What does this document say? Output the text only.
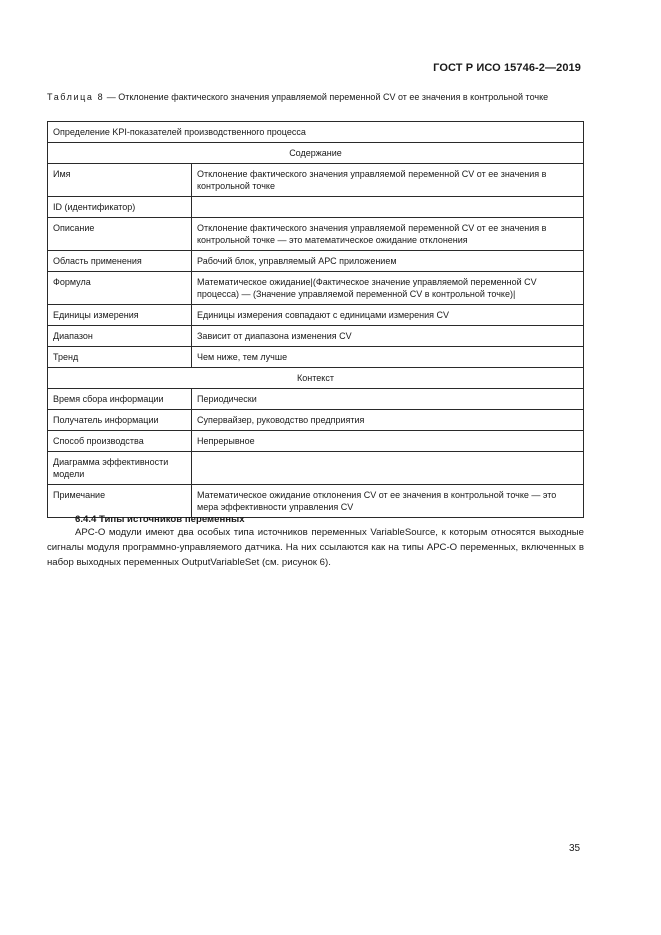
ГОСТ Р ИСО 15746-2—2019
Таблица 8 — Отклонение фактического значения управляемой переменной CV от ее значения в контрольной точке
Определение KPI-показателей производственного процесса	
Содержание	
Имя	Отклонение фактического значения управляемой переменной CV от ее значения в контрольной точке
ID (идентификатор)	
Описание	Отклонение фактического значения управляемой переменной CV от ее значения в контрольной точке — это математическое ожидание отклонения
Область применения	Рабочий блок, управляемый АРС приложением
Формула	Математическое ожидание|(Фактическое значение управляемой переменной CV процесса) — (Значение управляемой переменной CV в контрольной точке)|
Единицы измерения	Единицы измерения совпадают с единицами измерения CV
Диапазон	Зависит от диапазона изменения CV
Тренд	Чем ниже, тем лучше
Контекст	
Время сбора информации	Периодически
Получатель информации	Супервайзер, руководство предприятия
Способ производства	Непрерывное
Диаграмма эффективности модели	
Примечание	Математическое ожидание отклонения CV от ее значения в контрольной точке — это мера эффективности управления CV
6.4.4 Типы источников переменных

АРС-О модули имеют два особых типа источников переменных VariableSource, к которым относятся выходные сигналы модуля программно-управляемого датчика. На них ссылаются как на типы АРС-О переменных, включенных в набор выходных переменных OutputVariableSet (см. рисунок 6).

35
